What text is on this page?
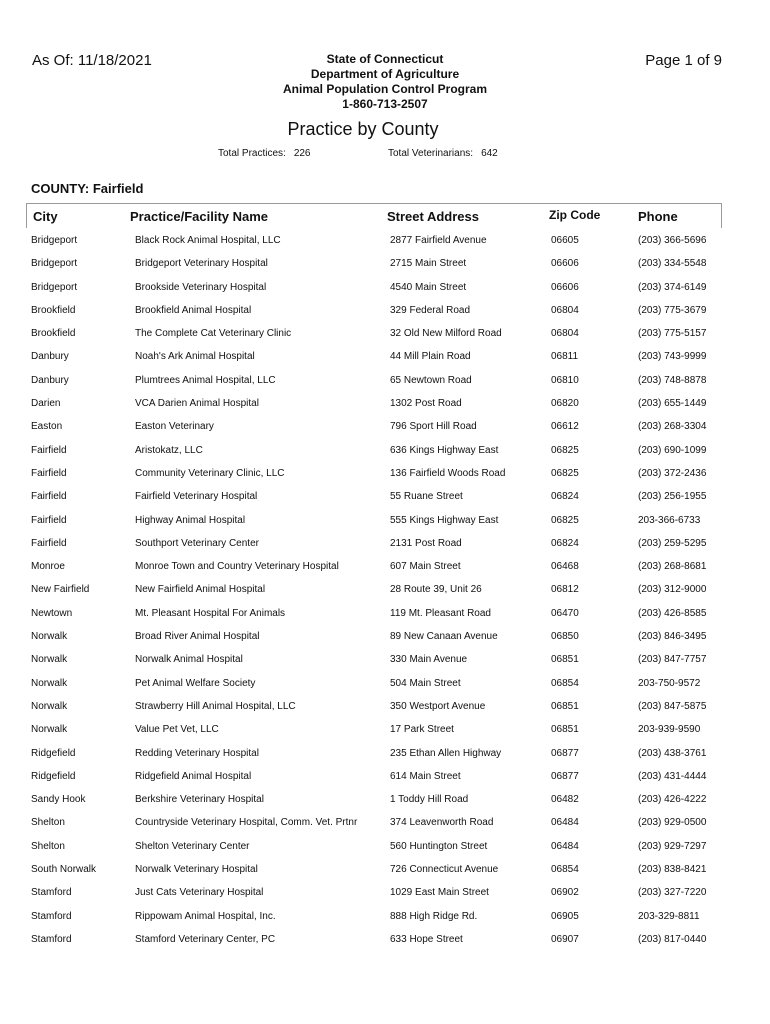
As Of: 11/18/2021	Page 1 of 9
State of Connecticut
Department of Agriculture
Animal Population Control Program
1-860-713-2507
Practice by County
Total Practices: 226	Total Veterinarians: 642
COUNTY: Fairfield
City	Practice/Facility Name	Street Address	Zip Code	Phone
Bridgeport	Black Rock Animal Hospital, LLC	2877 Fairfield Avenue	06605	(203) 366-5696
Bridgeport	Bridgeport Veterinary Hospital	2715 Main Street	06606	(203) 334-5548
Bridgeport	Brookside Veterinary Hospital	4540 Main Street	06606	(203) 374-6149
Brookfield	Brookfield Animal Hospital	329 Federal Road	06804	(203) 775-3679
Brookfield	The Complete Cat Veterinary Clinic	32 Old New Milford Road	06804	(203) 775-5157
Danbury	Noah's Ark Animal Hospital	44 Mill Plain Road	06811	(203) 743-9999
Danbury	Plumtrees Animal Hospital, LLC	65 Newtown Road	06810	(203) 748-8878
Darien	VCA Darien Animal Hospital	1302 Post Road	06820	(203) 655-1449
Easton	Easton Veterinary	796 Sport Hill Road	06612	(203) 268-3304
Fairfield	Aristokatz, LLC	636 Kings Highway East	06825	(203) 690-1099
Fairfield	Community Veterinary Clinic, LLC	136 Fairfield Woods Road	06825	(203) 372-2436
Fairfield	Fairfield Veterinary Hospital	55 Ruane Street	06824	(203) 256-1955
Fairfield	Highway Animal Hospital	555 Kings Highway East	06825	203-366-6733
Fairfield	Southport Veterinary Center	2131 Post Road	06824	(203) 259-5295
Monroe	Monroe Town and Country Veterinary Hospital	607 Main Street	06468	(203) 268-8681
New Fairfield	New Fairfield Animal Hospital	28 Route 39, Unit 26	06812	(203) 312-9000
Newtown	Mt. Pleasant Hospital For Animals	119 Mt. Pleasant Road	06470	(203) 426-8585
Norwalk	Broad River Animal Hospital	89 New Canaan Avenue	06850	(203) 846-3495
Norwalk	Norwalk Animal Hospital	330 Main Avenue	06851	(203) 847-7757
Norwalk	Pet Animal Welfare Society	504 Main Street	06854	203-750-9572
Norwalk	Strawberry Hill Animal Hospital, LLC	350 Westport Avenue	06851	(203) 847-5875
Norwalk	Value Pet Vet, LLC	17 Park Street	06851	203-939-9590
Ridgefield	Redding Veterinary Hospital	235 Ethan Allen Highway	06877	(203) 438-3761
Ridgefield	Ridgefield Animal Hospital	614 Main Street	06877	(203) 431-4444
Sandy Hook	Berkshire Veterinary Hospital	1 Toddy Hill Road	06482	(203) 426-4222
Shelton	Countryside Veterinary Hospital, Comm. Vet. Prtnr	374 Leavenworth Road	06484	(203) 929-0500
Shelton	Shelton Veterinary Center	560 Huntington Street	06484	(203) 929-7297
South Norwalk	Norwalk Veterinary Hospital	726 Connecticut Avenue	06854	(203) 838-8421
Stamford	Just Cats Veterinary Hospital	1029 East Main Street	06902	(203) 327-7220
Stamford	Rippowam Animal Hospital, Inc.	888 High Ridge Rd.	06905	203-329-8811
Stamford	Stamford Veterinary Center, PC	633 Hope Street	06907	(203) 817-0440
